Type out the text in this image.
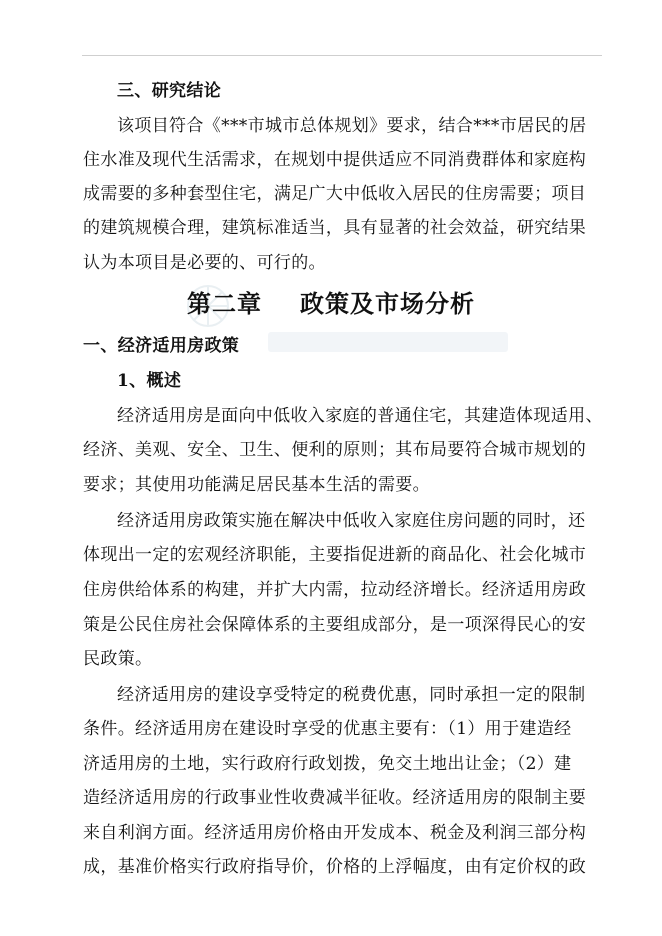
三、研究结论
该项目符合《***市城市总体规划》要求，结合***市居民的居
住水准及现代生活需求，在规划中提供适应不同消费群体和家庭构
成需要的多种套型住宅，满足广大中低收入居民的住房需要；项目
的建筑规模合理，建筑标准适当，具有显著的社会效益，研究结果
认为本项目是必要的、可行的。
第二章 政策及市场分析
一、经济适用房政策
1、概述
经济适用房是面向中低收入家庭的普通住宅，其建造体现适用、
经济、美观、安全、卫生、便利的原则；其布局要符合城市规划的
要求；其使用功能满足居民基本生活的需要。
经济适用房政策实施在解决中低收入家庭住房问题的同时，还
体现出一定的宏观经济职能，主要指促进新的商品化、社会化城市
住房供给体系的构建，并扩大内需，拉动经济增长。经济适用房政
策是公民住房社会保障体系的主要组成部分，是一项深得民心的安
民政策。
经济适用房的建设享受特定的税费优惠，同时承担一定的限制
条件。经济适用房在建设时享受的优惠主要有：（1）用于建造经
济适用房的土地，实行政府行政划拨，免交土地出让金；（2）建
造经济适用房的行政事业性收费减半征收。经济适用房的限制主要
来自利润方面。经济适用房价格由开发成本、税金及利润三部分构
成，基准价格实行政府指导价，价格的上浮幅度，由有定价权的政
